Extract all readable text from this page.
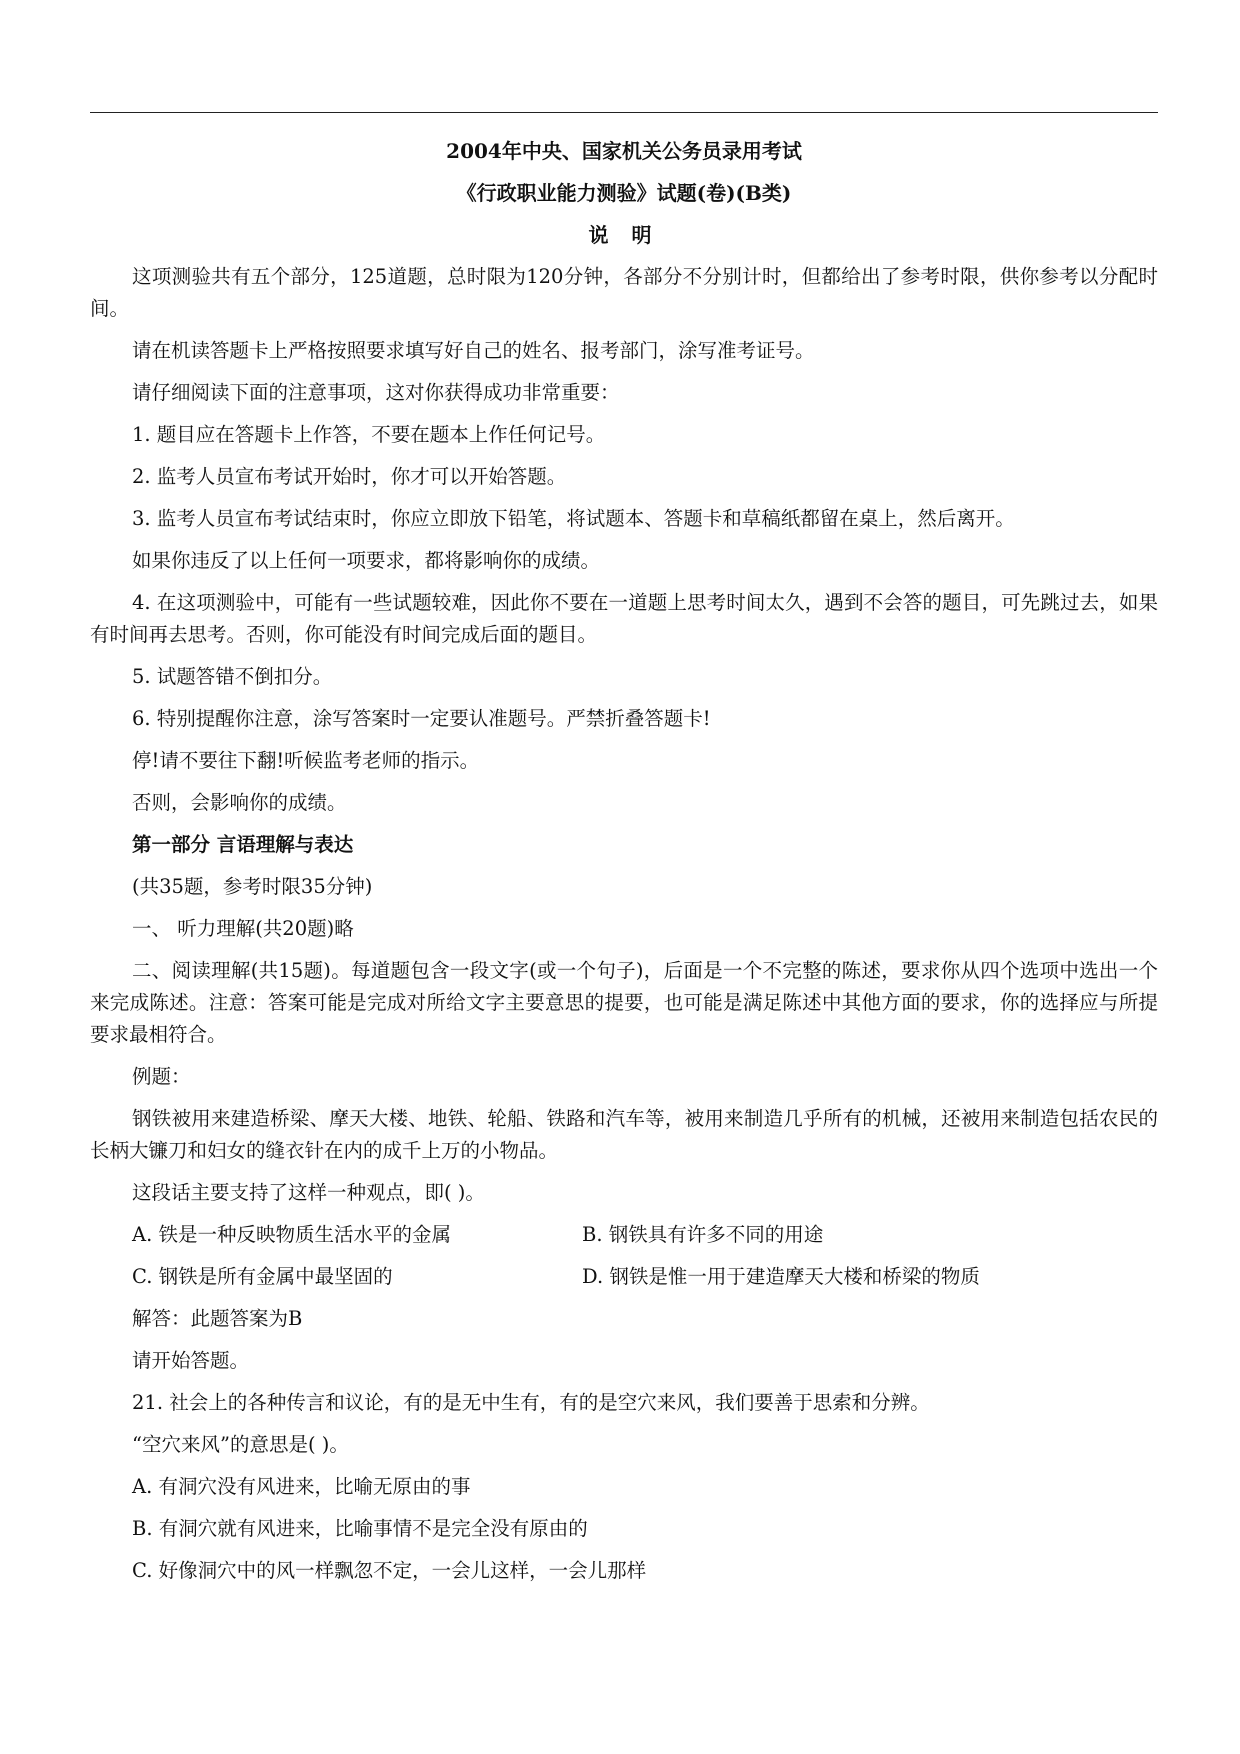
2004年中央、国家机关公务员录用考试

《行政职业能力测验》试题(卷)(B类)

说 明

这项测验共有五个部分，125道题，总时限为120分钟，各部分不分别计时，但都给出了参考时限，供你参考以分配时间。

请在机读答题卡上严格按照要求填写好自己的姓名、报考部门，涂写准考证号。

请仔细阅读下面的注意事项，这对你获得成功非常重要：

1. 题目应在答题卡上作答，不要在题本上作任何记号。

2. 监考人员宣布考试开始时，你才可以开始答题。

3. 监考人员宣布考试结束时，你应立即放下铅笔，将试题本、答题卡和草稿纸都留在桌上，然后离开。

如果你违反了以上任何一项要求，都将影响你的成绩。

4. 在这项测验中，可能有一些试题较难，因此你不要在一道题上思考时间太久，遇到不会答的题目，可先跳过去，如果有时间再去思考。否则，你可能没有时间完成后面的题目。

5. 试题答错不倒扣分。

6. 特别提醒你注意，涂写答案时一定要认准题号。严禁折叠答题卡!

停!请不要往下翻!听候监考老师的指示。

否则，会影响你的成绩。

第一部分 言语理解与表达

(共35题，参考时限35分钟)

一、 听力理解(共20题)略

二、阅读理解(共15题)。每道题包含一段文字(或一个句子)，后面是一个不完整的陈述，要求你从四个选项中选出一个来完成陈述。注意：答案可能是完成对所给文字主要意思的提要，也可能是满足陈述中其他方面的要求，你的选择应与所提要求最相符合。

例题：

钢铁被用来建造桥梁、摩天大楼、地铁、轮船、铁路和汽车等，被用来制造几乎所有的机械，还被用来制造包括农民的长柄大镰刀和妇女的缝衣针在内的成千上万的小物品。

这段话主要支持了这样一种观点，即( )。

A. 铁是一种反映物质生活水平的金属	B. 钢铁具有许多不同的用途
C. 钢铁是所有金属中最坚固的	D. 钢铁是惟一用于建造摩天大楼和桥梁的物质

解答：此题答案为B

请开始答题。

21. 社会上的各种传言和议论，有的是无中生有，有的是空穴来风，我们要善于思索和分辨。

“空穴来风”的意思是( )。

A. 有洞穴没有风进来，比喻无原由的事

B. 有洞穴就有风进来，比喻事情不是完全没有原由的

C. 好像洞穴中的风一样飘忽不定，一会儿这样，一会儿那样
